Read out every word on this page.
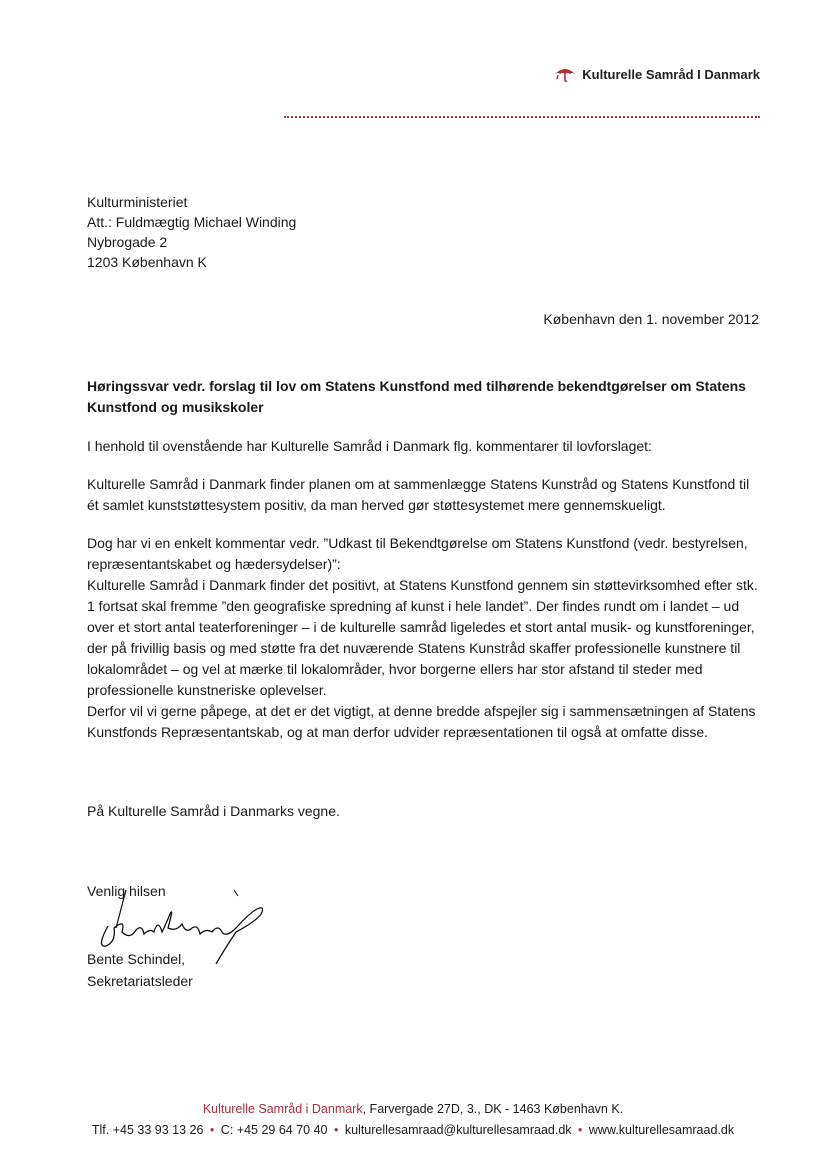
Kulturelle Samråd I Danmark
Kulturministeriet
Att.: Fuldmægtig Michael Winding
Nybrogade 2
1203 København K
København den 1. november 2012
Høringssvar vedr. forslag til lov om Statens Kunstfond med tilhørende bekendtgørelser om Statens Kunstfond og musikskoler

I henhold til ovenstående har Kulturelle Samråd i Danmark flg. kommentarer til lovforslaget:

Kulturelle Samråd i Danmark finder planen om at sammenlægge Statens Kunstråd og Statens Kunstfond til ét samlet kunststøttesystem positiv, da man herved gør støttesystemet mere gennemskueligt.

Dog har vi en enkelt kommentar vedr. ”Udkast til Bekendtgørelse om Statens Kunstfond (vedr. bestyrelsen, repræsentantskabet og hædersydelser)”:

Kulturelle Samråd i Danmark finder det positivt, at Statens Kunstfond gennem sin støttevirksomhed efter stk. 1 fortsat skal fremme ”den geografiske spredning af kunst i hele landet”. Der findes rundt om i landet – ud over et stort antal teaterforeninger – i de kulturelle samråd ligeledes et stort antal musik- og kunstforeninger, der på frivillig basis og med støtte fra det nuværende Statens Kunstråd skaffer professionelle kunstnere til lokalområdet – og vel at mærke til lokalområder, hvor borgerne ellers har stor afstand til steder med professionelle kunstneriske oplevelser.

Derfor vil vi gerne påpege, at det er det vigtigt, at denne bredde afspejler sig i sammensætningen af Statens Kunstfonds Repræsentantskab, og at man derfor udvider repræsentationen til også at omfatte disse.

På Kulturelle Samråd i Danmarks vegne.
Venlig hilsen
Bente Schindel,
Sekretariatsleder
Kulturelle Samråd i Danmark, Farvergade 27D, 3., DK - 1463 København K.
Tlf. +45 33 93 13 26 • C: +45 29 64 70 40 • kulturellesamraad@kulturellesamraad.dk • www.kulturellesamraad.dk
